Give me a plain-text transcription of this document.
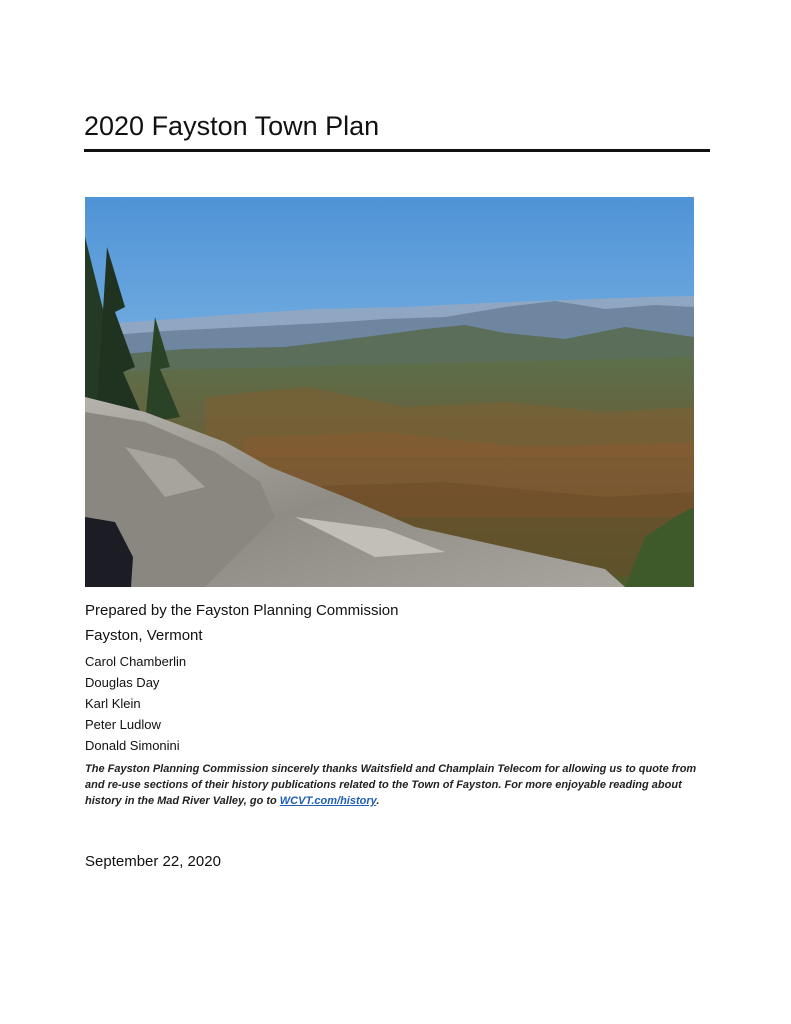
2020 Fayston Town Plan
Prepared by the Fayston Planning Commission
Fayston, Vermont
Carol Chamberlin
Douglas Day
Karl Klein
Peter Ludlow
Donald Simonini
The Fayston Planning Commission sincerely thanks Waitsfield and Champlain Telecom for allowing us to quote from and re-use sections of their history publications related to the Town of Fayston. For more enjoyable reading about history in the Mad River Valley, go to WCVT.com/history.
September 22, 2020
